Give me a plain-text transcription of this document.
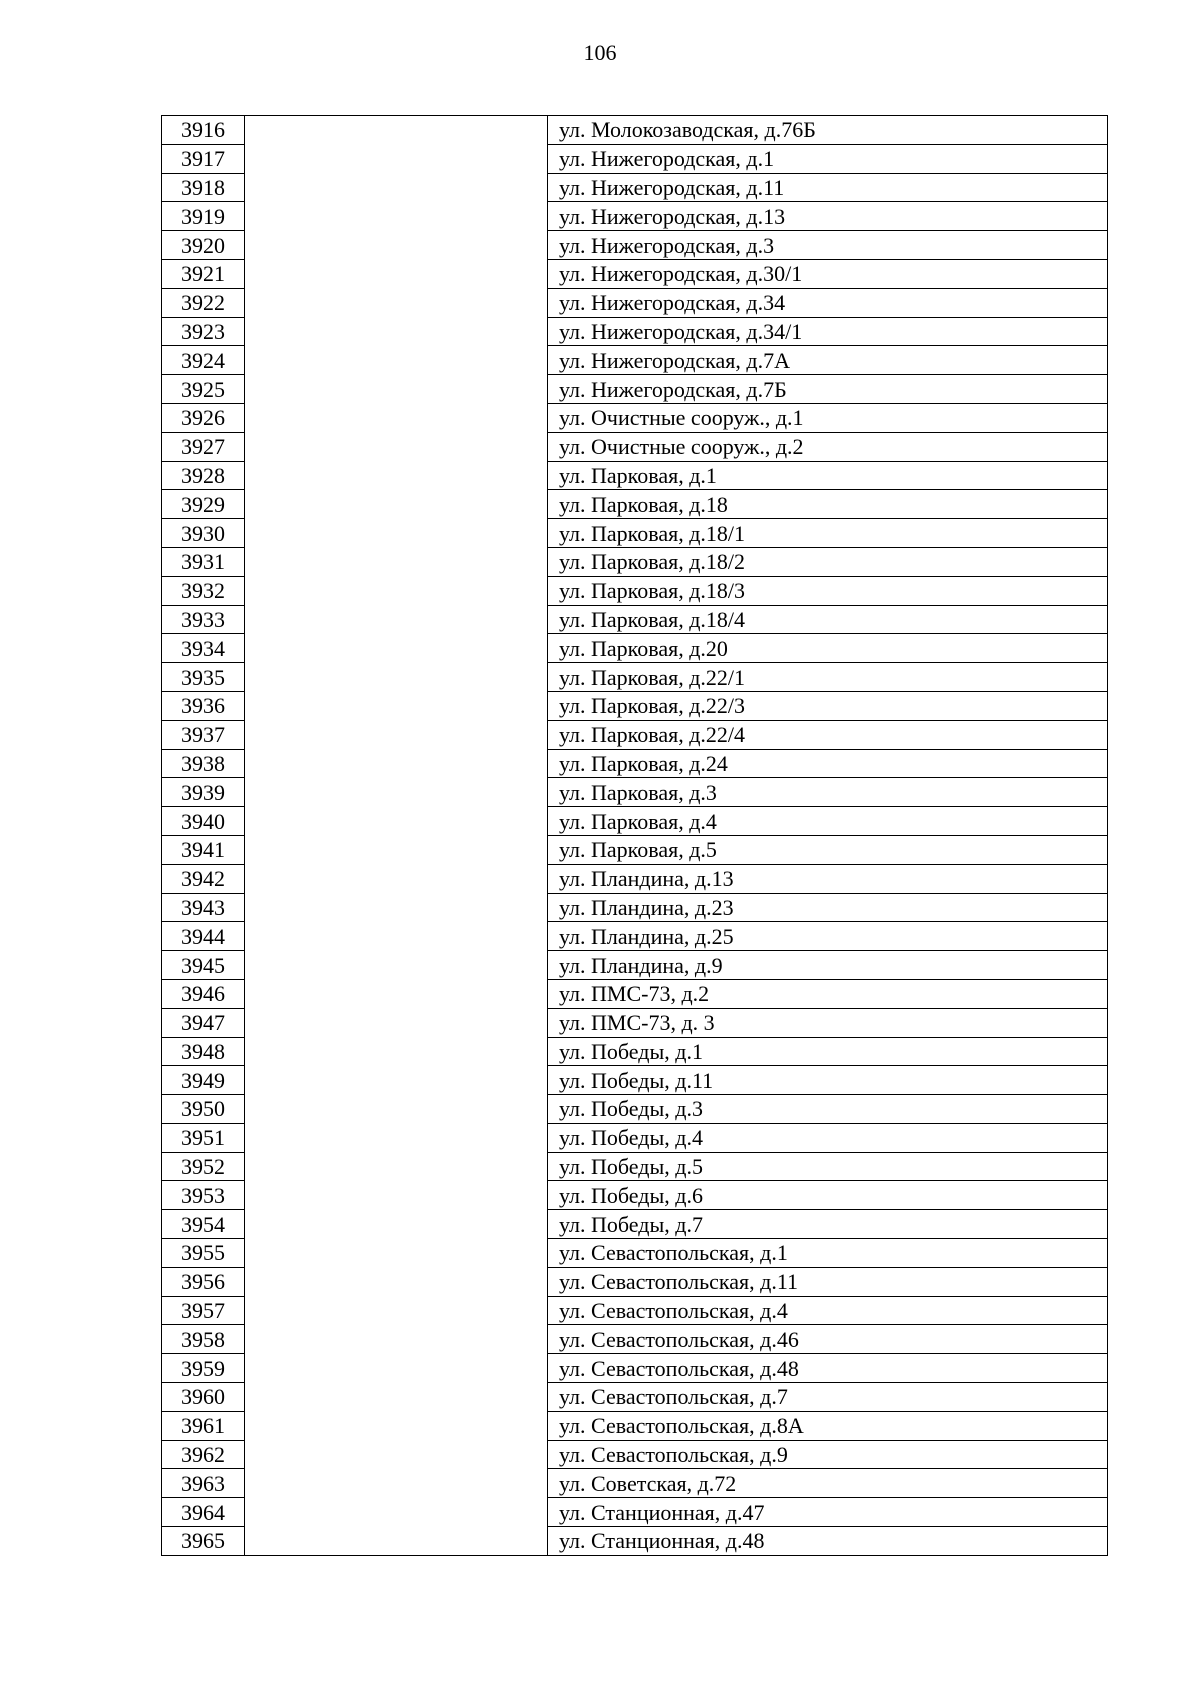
106
3916		ул. Молокозаводская, д.76Б
3917		ул. Нижегородская, д.1
3918		ул. Нижегородская, д.11
3919		ул. Нижегородская, д.13
3920		ул. Нижегородская, д.3
3921		ул. Нижегородская, д.30/1
3922		ул. Нижегородская, д.34
3923		ул. Нижегородская, д.34/1
3924		ул. Нижегородская, д.7А
3925		ул. Нижегородская, д.7Б
3926		ул. Очистные сооруж., д.1
3927		ул. Очистные сооруж., д.2
3928		ул. Парковая, д.1
3929		ул. Парковая, д.18
3930		ул. Парковая, д.18/1
3931		ул. Парковая, д.18/2
3932		ул. Парковая, д.18/3
3933		ул. Парковая, д.18/4
3934		ул. Парковая, д.20
3935		ул. Парковая, д.22/1
3936		ул. Парковая, д.22/3
3937		ул. Парковая, д.22/4
3938		ул. Парковая, д.24
3939		ул. Парковая, д.3
3940		ул. Парковая, д.4
3941		ул. Парковая, д.5
3942		ул. Пландина, д.13
3943		ул. Пландина, д.23
3944		ул. Пландина, д.25
3945		ул. Пландина, д.9
3946		ул. ПМС-73, д.2
3947		ул. ПМС-73, д. 3
3948		ул. Победы, д.1
3949		ул. Победы, д.11
3950		ул. Победы, д.3
3951		ул. Победы, д.4
3952		ул. Победы, д.5
3953		ул. Победы, д.6
3954		ул. Победы, д.7
3955		ул. Севастопольская, д.1
3956		ул. Севастопольская, д.11
3957		ул. Севастопольская, д.4
3958		ул. Севастопольская, д.46
3959		ул. Севастопольская, д.48
3960		ул. Севастопольская, д.7
3961		ул. Севастопольская, д.8А
3962		ул. Севастопольская, д.9
3963		ул. Советская, д.72
3964		ул. Станционная, д.47
3965		ул. Станционная, д.48
